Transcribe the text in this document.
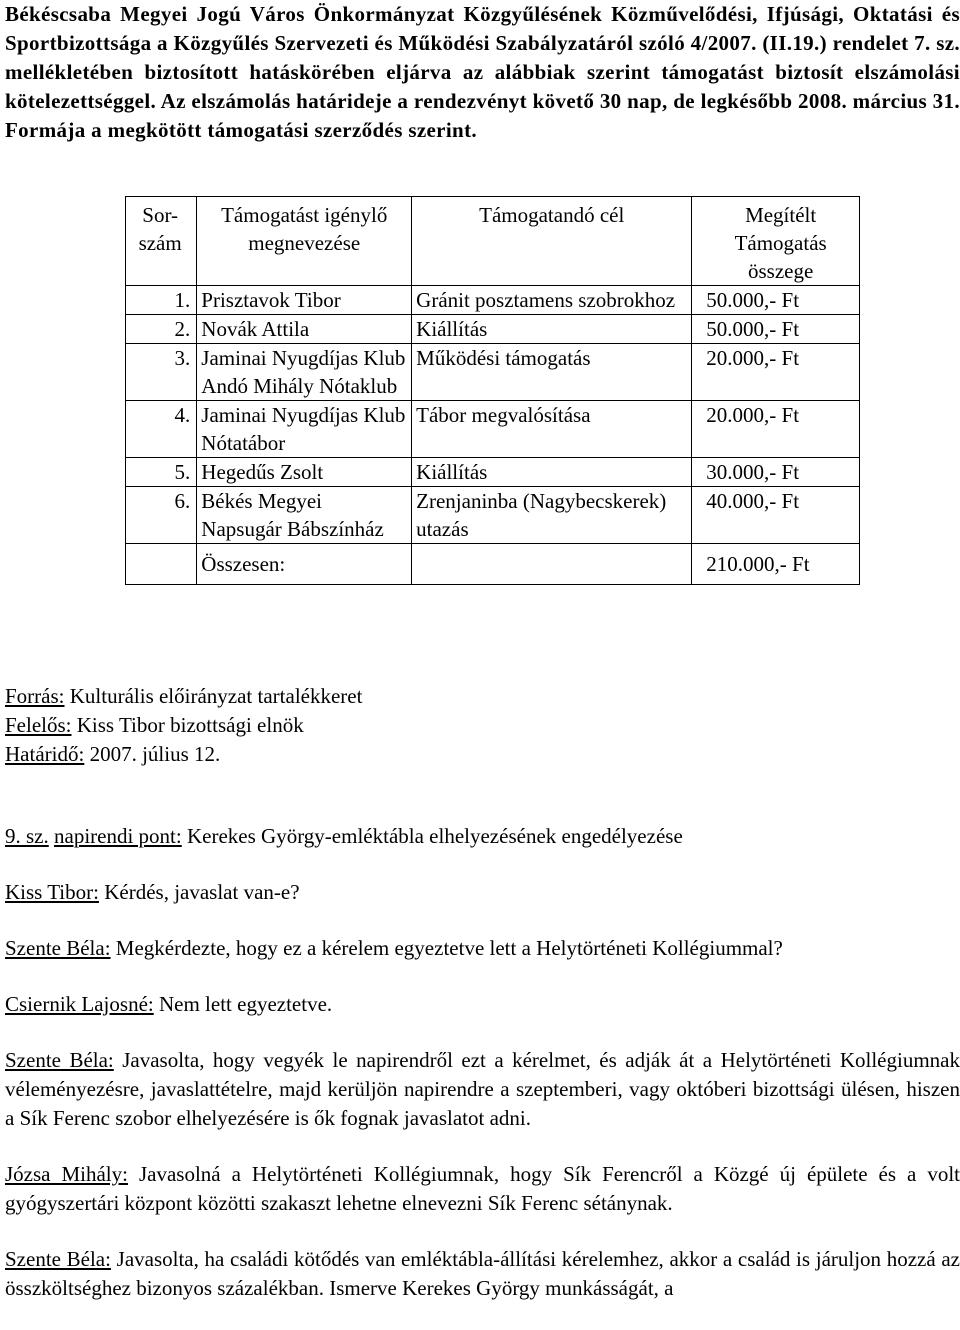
Békéscsaba Megyei Jogú Város Önkormányzat Közgyűlésének Közművelődési, Ifjúsági, Oktatási és Sportbizottsága a Közgyűlés Szervezeti és Működési Szabályzatáról szóló 4/2007. (II.19.) rendelet 7. sz. mellékletében biztosított hatáskörében eljárva az alábbiak szerint támogatást biztosít elszámolási kötelezettséggel. Az elszámolás határideje a rendezvényt követő 30 nap, de legkésőbb 2008. március 31. Formája a megkötött támogatási szerződés szerint.

Sor-szám	Támogatást igénylő megnevezése	Támogatandó cél	Megítélt Támogatás összege
1.	Prisztavok Tibor	Gránit posztamens szobrokhoz	50.000,- Ft
2.	Novák Attila	Kiállítás	50.000,- Ft
3.	Jaminai Nyugdíjas Klub Andó Mihály Nótaklub	Működési támogatás	20.000,- Ft
4.	Jaminai Nyugdíjas Klub Nótatábor	Tábor megvalósítása	20.000,- Ft
5.	Hegedűs Zsolt	Kiállítás	30.000,- Ft
6.	Békés Megyei Napsugár Bábszínház	Zrenjaninba (Nagybecskerek) utazás	40.000,- Ft
	Összesen:		210.000,- Ft

Forrás: Kulturális előirányzat tartalékkeret

Felelős: Kiss Tibor bizottsági elnök

Határidő: 2007. július 12.

9. sz. napirendi pont: Kerekes György-emléktábla elhelyezésének engedélyezése

Kiss Tibor: Kérdés, javaslat van-e?

Szente Béla: Megkérdezte, hogy ez a kérelem egyeztetve lett a Helytörténeti Kollégiummal?

Csiernik Lajosné: Nem lett egyeztetve.

Szente Béla: Javasolta, hogy vegyék le napirendről ezt a kérelmet, és adják át a Helytörténeti Kollégiumnak véleményezésre, javaslattételre, majd kerüljön napirendre a szeptemberi, vagy októberi bizottsági ülésen, hiszen a Sík Ferenc szobor elhelyezésére is ők fognak javaslatot adni.

Józsa Mihály: Javasolná a Helytörténeti Kollégiumnak, hogy Sík Ferencről a Közgé új épülete és a volt gyógyszertári központ közötti szakaszt lehetne elnevezni Sík Ferenc sétánynak.

Szente Béla: Javasolta, ha családi kötődés van emléktábla-állítási kérelemhez, akkor a család is járuljon hozzá az összköltséghez bizonyos százalékban. Ismerve Kerekes György munkásságát, a
